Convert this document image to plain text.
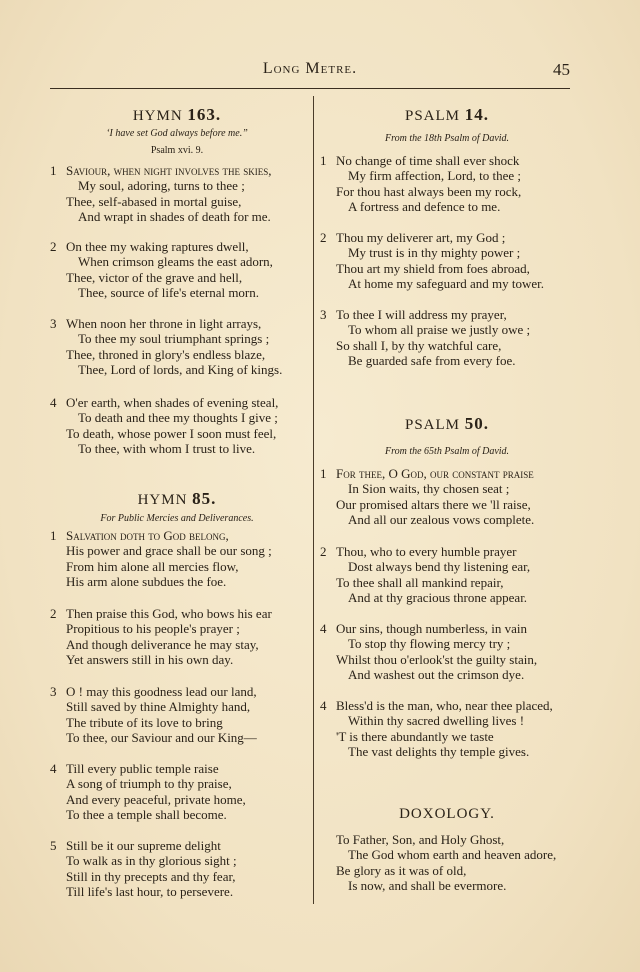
Long Metre.	45
HYMN 163.
‘I have set God always before me.”
Psalm xvi. 9.
1 Saviour, when night involves the skies,
My soul, adoring, turns to thee ;
Thee, self-abased in mortal guise,
And wrapt in shades of death for me.
2 On thee my waking raptures dwell,
When crimson gleams the east adorn,
Thee, victor of the grave and hell,
Thee, source of life's eternal morn.
3 When noon her throne in light arrays,
To thee my soul triumphant springs ;
Thee, throned in glory's endless blaze,
Thee, Lord of lords, and King of kings.
4 O'er earth, when shades of evening steal,
To death and thee my thoughts I give ;
To death, whose power I soon must feel,
To thee, with whom I trust to live.
HYMN 85.
For Public Mercies and Deliverances.
1 Salvation doth to God belong,
His power and grace shall be our song ;
From him alone all mercies flow,
His arm alone subdues the foe.
2 Then praise this God, who bows his ear
Propitious to his people's prayer ;
And though deliverance he may stay,
Yet answers still in his own day.
3 O ! may this goodness lead our land,
Still saved by thine Almighty hand,
The tribute of its love to bring
To thee, our Saviour and our King—
4 Till every public temple raise
A song of triumph to thy praise,
And every peaceful, private home,
To thee a temple shall become.
5 Still be it our supreme delight
To walk as in thy glorious sight ;
Still in thy precepts and thy fear,
Till life's last hour, to persevere.
PSALM 14.
From the 18th Psalm of David.
1 No change of time shall ever shock
My firm affection, Lord, to thee ;
For thou hast always been my rock,
A fortress and defence to me.
2 Thou my deliverer art, my God ;
My trust is in thy mighty power ;
Thou art my shield from foes abroad,
At home my safeguard and my tower.
3 To thee I will address my prayer,
To whom all praise we justly owe ;
So shall I, by thy watchful care,
Be guarded safe from every foe.
PSALM 50.
From the 65th Psalm of David.
1 For thee, O God, our constant praise
In Sion waits, thy chosen seat ;
Our promised altars there we 'll raise,
And all our zealous vows complete.
2 Thou, who to every humble prayer
Dost always bend thy listening ear,
To thee shall all mankind repair,
And at thy gracious throne appear.
4 Our sins, though numberless, in vain
To stop thy flowing mercy try ;
Whilst thou o'erlook'st the guilty stain,
And washest out the crimson dye.
4 Bless'd is the man, who, near thee placed,
Within thy sacred dwelling lives !
'T is there abundantly we taste
The vast delights thy temple gives.
DOXOLOGY.
To Father, Son, and Holy Ghost,
The God whom earth and heaven adore,
Be glory as it was of old,
Is now, and shall be evermore.
